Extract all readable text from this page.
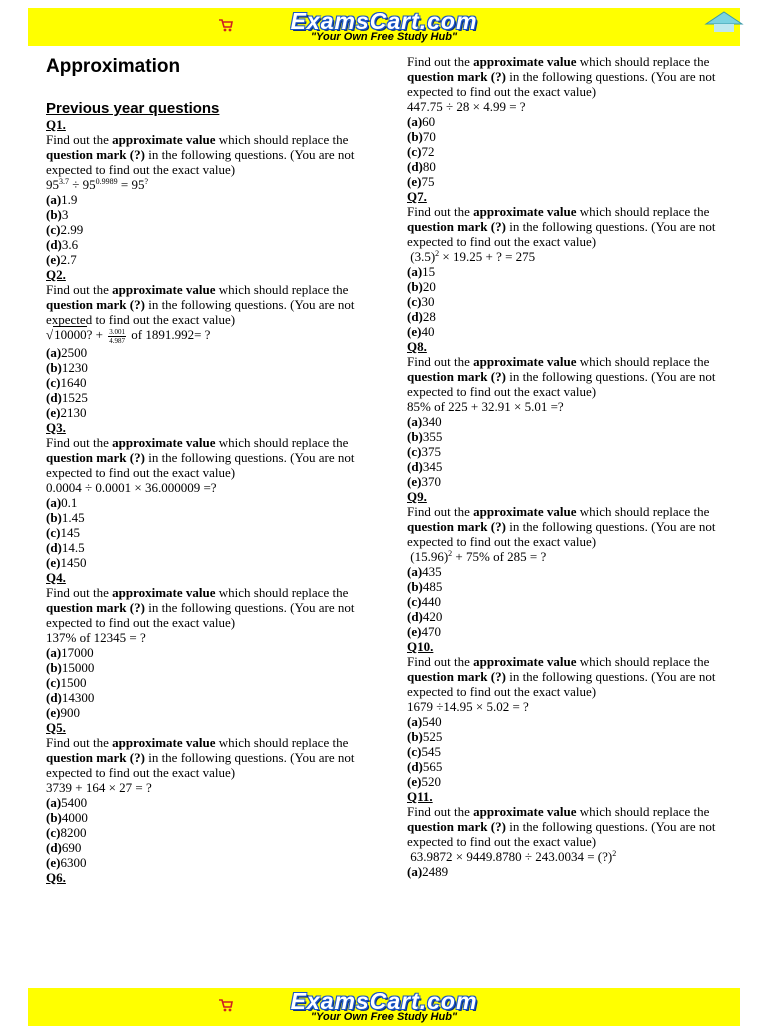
ExamsCart.com
"Your Own Free Study Hub"
Approximation
Previous year questions
Q1.
Find out the approximate value which should replace the question mark (?) in the following questions. (You are not expected to find out the exact value)
$95^{3.7} \div 95^{0.9989} = 95^?$
(a)1.9
(b)3
(c)2.99
(d)3.6
(e)2.7
Q2.
Find out the approximate value which should replace the question mark (?) in the following questions. (You are not expected to find out the exact value)
√10000? + $\frac{3.001}{4.987}$ of 1891.992= ?
(a)2500
(b)1230
(c)1640
(d)1525
(e)2130
Q3.
Find out the approximate value which should replace the question mark (?) in the following questions. (You are not expected to find out the exact value)
0.0004 ÷ 0.0001 × 36.000009 =?
(a)0.1
(b)1.45
(c)145
(d)14.5
(e)1450
Q4.
Find out the approximate value which should replace the question mark (?) in the following questions. (You are not expected to find out the exact value)
137% of 12345 = ?
(a)17000
(b)15000
(c)1500
(d)14300
(e)900
Q5.
Find out the approximate value which should replace the question mark (?) in the following questions. (You are not expected to find out the exact value)
3739 + 164 × 27 = ?
(a)5400
(b)4000
(c)8200
(d)690
(e)6300
Q6.
Find out the approximate value which should replace the question mark (?) in the following questions. (You are not expected to find out the exact value)
447.75 ÷ 28 × 4.99 = ?
(a)60
(b)70
(c)72
(d)80
(e)75
Q7.
Find out the approximate value which should replace the question mark (?) in the following questions. (You are not expected to find out the exact value)
$(3.5)^2 \times 19.25$ + ? = 275
(a)15
(b)20
(c)30
(d)28
(e)40
Q8.
Find out the approximate value which should replace the question mark (?) in the following questions. (You are not expected to find out the exact value)
85% of 225 + 32.91 × 5.01 =?
(a)340
(b)355
(c)375
(d)345
(e)370
Q9.
Find out the approximate value which should replace the question mark (?) in the following questions. (You are not expected to find out the exact value)
$(15.96)^2 + 75\%$ of 285 = ?
(a)435
(b)485
(c)440
(d)420
(e)470
Q10.
Find out the approximate value which should replace the question mark (?) in the following questions. (You are not expected to find out the exact value)
1679 ÷14.95 × 5.02 = ?
(a)540
(b)525
(c)545
(d)565
(e)520
Q11.
Find out the approximate value which should replace the question mark (?) in the following questions. (You are not expected to find out the exact value)
63.9872 × 9449.8780 ÷ 243.0034 = (?)$^2$
(a)2489
ExamsCart.com
"Your Own Free Study Hub"
